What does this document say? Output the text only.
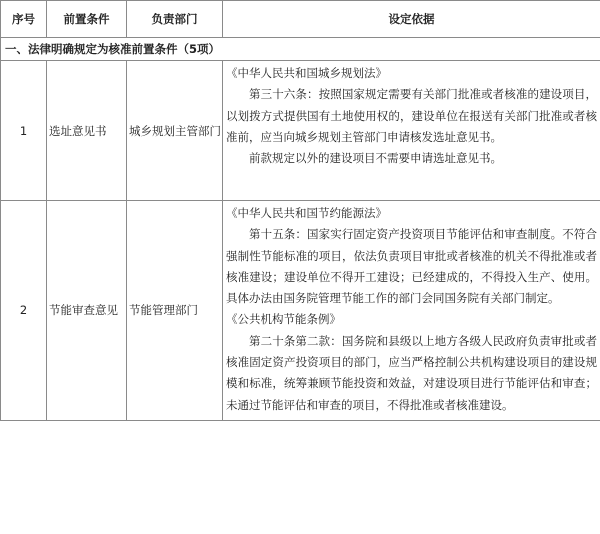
序号	前置条件	负责部门	设定依据
一、法律明确规定为核准前置条件（5项）			
1	选址意见书	城乡规划主管部门	《中华人民共和国城乡规划法》
第三十六条：按照国家规定需要有关部门批准或者核准的建设项目，以划拨方式提供国有土地使用权的，建设单位在报送有关部门批准或者核准前，应当向城乡规划主管部门申请核发选址意见书。
前款规定以外的建设项目不需要申请选址意见书。

2	节能审查意见	节能管理部门	《中华人民共和国节约能源法》
第十五条：国家实行固定资产投资项目节能评估和审查制度。不符合强制性节能标准的项目，依法负责项目审批或者核准的机关不得批准或者核准建设；建设单位不得开工建设；已经建成的，不得投入生产、使用。具体办法由国务院管理节能工作的部门会同国务院有关部门制定。
《公共机构节能条例》
第二十条第二款：国务院和县级以上地方各级人民政府负责审批或者核准固定资产投资项目的部门，应当严格控制公共机构建设项目的建设规模和标准，统筹兼顾节能投资和效益，对建设项目进行节能评估和审查；未通过节能评估和审查的项目，不得批准或者核准建设。
